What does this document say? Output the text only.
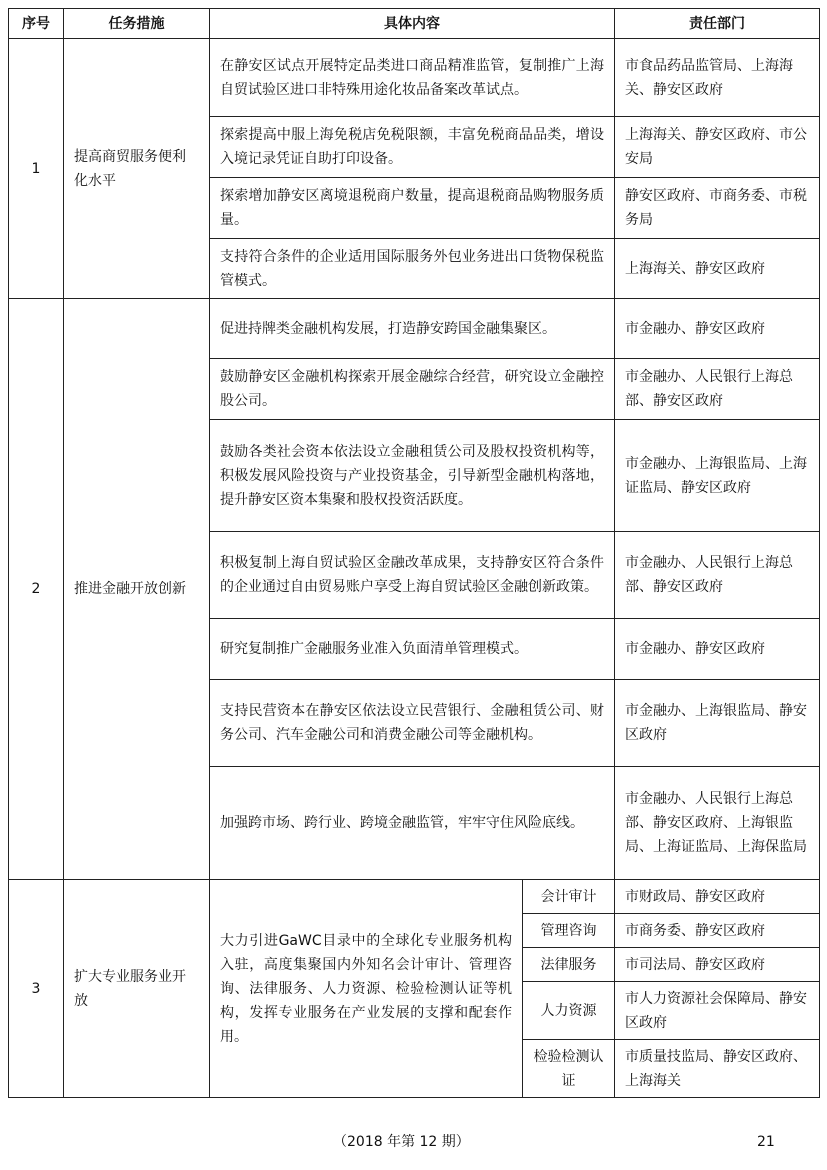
序号	任务措施	具体内容		责任部门
1	提高商贸服务便利化水平	在静安区试点开展特定品类进口商品精准监管，复制推广上海自贸试验区进口非特殊用途化妆品备案改革试点。		市食品药品监管局、上海海关、静安区政府
		探索提高中服上海免税店免税限额，丰富免税商品品类，增设入境记录凭证自助打印设备。		上海海关、静安区政府、市公安局
		探索增加静安区离境退税商户数量，提高退税商品购物服务质量。		静安区政府、市商务委、市税务局
		支持符合条件的企业适用国际服务外包业务进出口货物保税监管模式。		上海海关、静安区政府
2	推进金融开放创新	促进持牌类金融机构发展，打造静安跨国金融集聚区。		市金融办、静安区政府
		鼓励静安区金融机构探索开展金融综合经营，研究设立金融控股公司。		市金融办、人民银行上海总部、静安区政府
		鼓励各类社会资本依法设立金融租赁公司及股权投资机构等，积极发展风险投资与产业投资基金，引导新型金融机构落地，提升静安区资本集聚和股权投资活跃度。		市金融办、上海银监局、上海证监局、静安区政府
		积极复制上海自贸试验区金融改革成果，支持静安区符合条件的企业通过自由贸易账户享受上海自贸试验区金融创新政策。		市金融办、人民银行上海总部、静安区政府
		研究复制推广金融服务业准入负面清单管理模式。		市金融办、静安区政府
		支持民营资本在静安区依法设立民营银行、金融租赁公司、财务公司、汽车金融公司和消费金融公司等金融机构。		市金融办、上海银监局、静安区政府
		加强跨市场、跨行业、跨境金融监管，牢牢守住风险底线。		市金融办、人民银行上海总部、静安区政府、上海银监局、上海证监局、上海保监局
3	扩大专业服务业开放	大力引进GaWC目录中的全球化专业服务机构入驻，高度集聚国内外知名会计审计、管理咨询、法律服务、人力资源、检验检测认证等机构，发挥专业服务在产业发展的支撑和配套作用。	会计审计	市财政局、静安区政府
			管理咨询	市商务委、静安区政府
			法律服务	市司法局、静安区政府
			人力资源	市人力资源社会保障局、静安区政府
			检验检测认证	市质量技监局、静安区政府、上海海关
（2018 年第 12 期）	21
